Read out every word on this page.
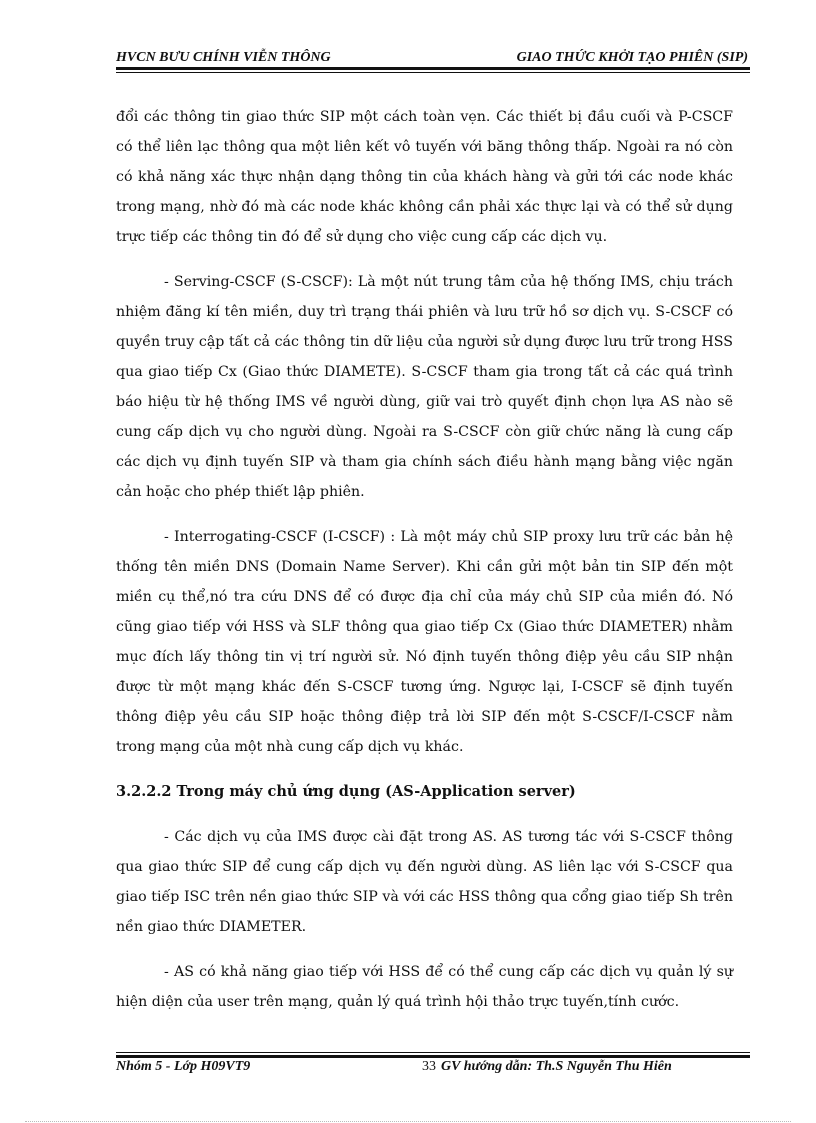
HVCN BƯU CHÍNH VIỄN THÔNG	GIAO THỨC KHỞI TẠO PHIÊN (SIP)

đổi các thông tin giao thức SIP một cách toàn vẹn. Các thiết bị đầu cuối và P-CSCF có thể liên lạc thông qua một liên kết vô tuyến với băng thông thấp. Ngoài ra nó còn có khả năng xác thực nhận dạng thông tin của khách hàng và gửi tới các node khác trong mạng, nhờ đó mà các node khác không cần phải xác thực lại và có thể sử dụng trực tiếp các thông tin đó để sử dụng cho việc cung cấp các dịch vụ.

- Serving-CSCF (S-CSCF): Là một nút trung tâm của hệ thống IMS, chịu trách nhiệm đăng kí tên miền, duy trì trạng thái phiên và lưu trữ hồ sơ dịch vụ. S-CSCF có quyền truy cập tất cả các thông tin dữ liệu của người sử dụng được lưu trữ trong HSS qua giao tiếp Cx (Giao thức DIAMETE). S-CSCF tham gia trong tất cả các quá trình báo hiệu từ hệ thống IMS về người dùng, giữ vai trò quyết định chọn lựa AS nào sẽ cung cấp dịch vụ cho người dùng. Ngoài ra S-CSCF còn giữ chức năng là cung cấp các dịch vụ định tuyến SIP và tham gia chính sách điều hành mạng bằng việc ngăn cản hoặc cho phép thiết lập phiên.

- Interrogating-CSCF (I-CSCF) : Là một máy chủ SIP proxy lưu trữ các bản hệ thống tên miền DNS (Domain Name Server). Khi cần gửi một bản tin SIP đến một miền cụ thể,nó tra cứu DNS để có được địa chỉ của máy chủ SIP của miền đó. Nó cũng giao tiếp với HSS và SLF thông qua giao tiếp Cx (Giao thức DIAMETER) nhằm mục đích lấy thông tin vị trí người sử. Nó định tuyến thông điệp yêu cầu SIP nhận được từ một mạng khác đến S-CSCF tương ứng. Ngược lại, I-CSCF sẽ định tuyến thông điệp yêu cầu SIP hoặc thông điệp trả lời SIP đến một S-CSCF/I-CSCF nằm trong mạng của một nhà cung cấp dịch vụ khác.

3.2.2.2 Trong máy chủ ứng dụng (AS-Application server)

- Các dịch vụ của IMS được cài đặt trong AS. AS tương tác với S-CSCF thông qua giao thức SIP để cung cấp dịch vụ đến người dùng. AS liên lạc với S-CSCF qua giao tiếp ISC trên nền giao thức SIP và với các HSS thông qua cổng giao tiếp Sh trên nền giao thức DIAMETER.

- AS có khả năng giao tiếp với HSS để có thể cung cấp các dịch vụ quản lý sự hiện diện của user trên mạng, quản lý quá trình hội thảo trực tuyến,tính cước.

Nhóm 5 - Lớp H09VT9	33 GV hướng dẫn: Th.S Nguyễn Thu Hiên
